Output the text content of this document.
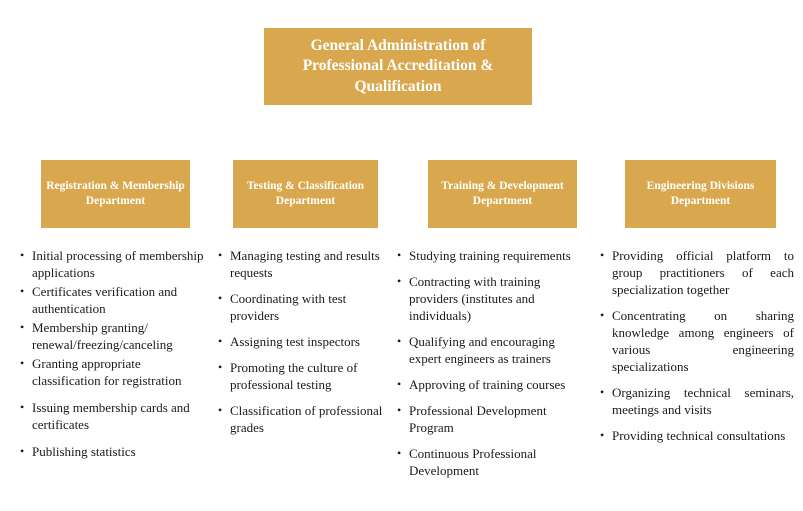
General Administration of Professional Accreditation & Qualification
Registration & Membership Department
Testing & Classification Department
Training & Development Department
Engineering Divisions Department
• Initial processing of membership applications
• Certificates verification and authentication
• Membership granting/ renewal/freezing/canceling
• Granting appropriate classification for registration
• Issuing membership cards and certificates
• Publishing statistics
• Managing testing and results requests
• Coordinating with test providers
• Assigning test inspectors
• Promoting the culture of professional testing
• Classification of professional grades
• Studying training requirements
• Contracting with training providers (institutes and individuals)
• Qualifying and encouraging expert engineers as trainers
• Approving of training courses
• Professional Development Program
• Continuous Professional Development
• Providing official platform to group practitioners of each specialization together
• Concentrating on sharing knowledge among engineers of various engineering specializations
• Organizing technical seminars, meetings and visits
• Providing technical consultations
